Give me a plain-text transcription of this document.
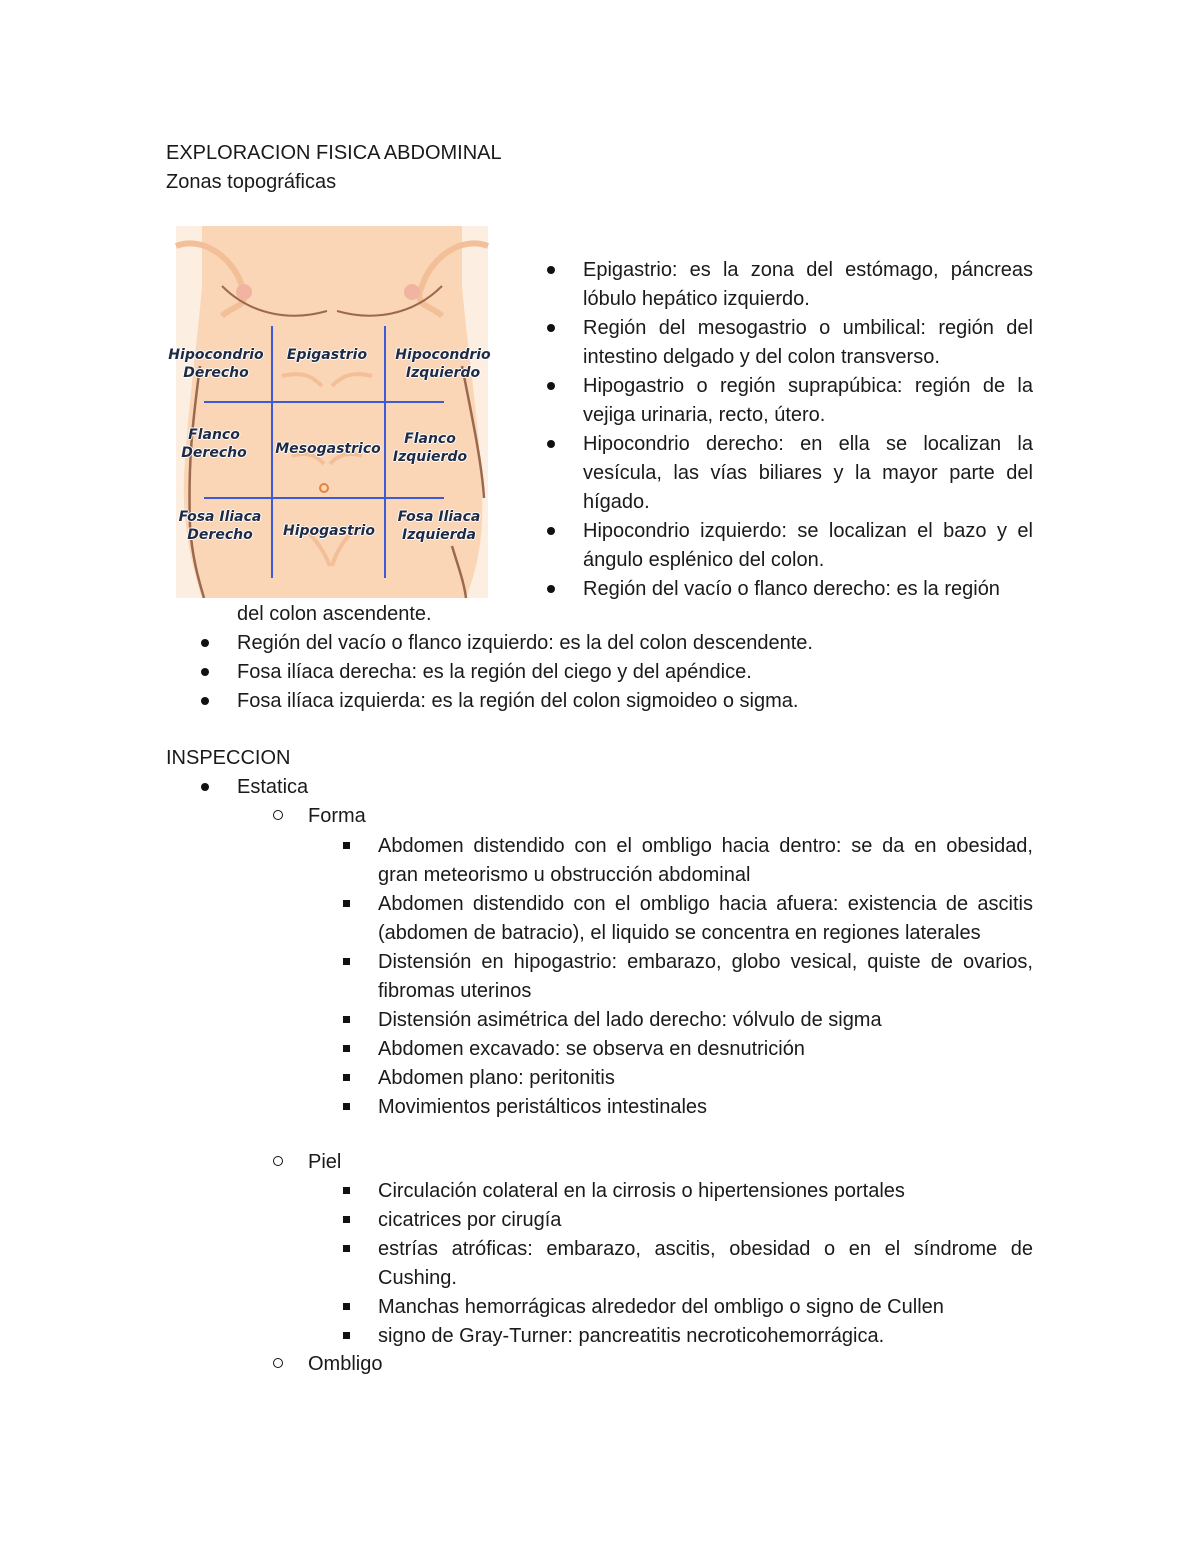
EXPLORACION FISICA ABDOMINAL
Zonas topográficas
Hipocondrio
Derecho
Epigastrio	Hipocondrio
Izquierdo
Flanco
Derecho	Mesogastrico
Flanco
Izquierdo
Fosa Iliaca
Derecho	Hipogastrio
Fosa Iliaca
Izquierda
Epigastrio: es la zona del estómago, páncreas lóbulo hepático izquierdo.
Región del mesogastrio o umbilical: región del intestino delgado y del colon transverso.
Hipogastrio o región suprapúbica: región de la vejiga urinaria, recto, útero.
Hipocondrio derecho: en ella se localizan la vesícula, las vías biliares y la mayor parte del hígado.
Hipocondrio izquierdo: se localizan el bazo y el ángulo esplénico del colon.
Región del vacío o flanco derecho: es la región
del colon ascendente.
Región del vacío o flanco izquierdo: es la del colon descendente.
Fosa ilíaca derecha: es la región del ciego y del apéndice.
Fosa ilíaca izquierda: es la región del colon sigmoideo o sigma.
INSPECCION
Estatica
Forma
Abdomen distendido con el ombligo hacia dentro: se da en obesidad, gran meteorismo u obstrucción abdominal
Abdomen distendido con el ombligo hacia afuera: existencia de ascitis (abdomen de batracio), el liquido se concentra en regiones laterales
Distensión en hipogastrio: embarazo, globo vesical, quiste de ovarios, fibromas uterinos
Distensión asimétrica del lado derecho: vólvulo de sigma
Abdomen excavado: se observa en desnutrición
Abdomen plano: peritonitis
Movimientos peristálticos intestinales
Piel
Circulación colateral en la cirrosis o hipertensiones portales
cicatrices por cirugía
estrías atróficas: embarazo, ascitis, obesidad o en el síndrome de Cushing.
Manchas hemorrágicas alrededor del ombligo o signo de Cullen
signo de Gray-Turner: pancreatitis necroticohemorrágica.
Ombligo
